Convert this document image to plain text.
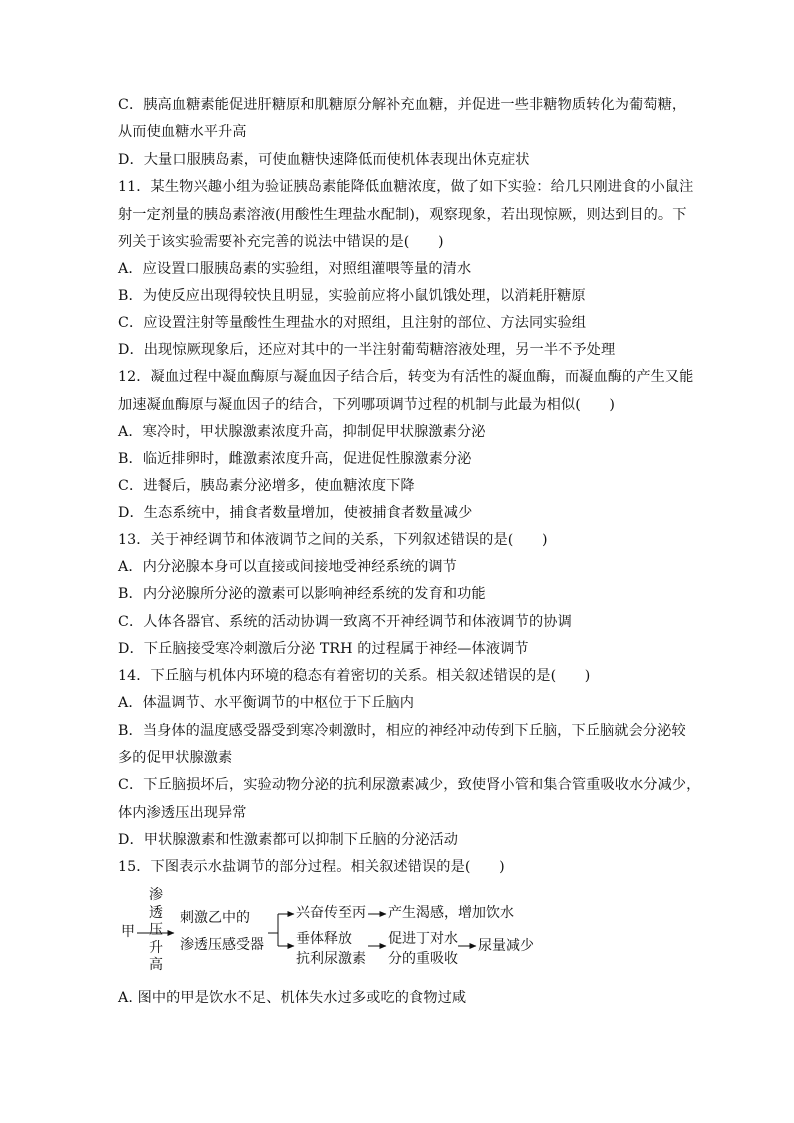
C．胰高血糖素能促进肝糖原和肌糖原分解补充血糖，并促进一些非糖物质转化为葡萄糖，
从而使血糖水平升高
D．大量口服胰岛素，可使血糖快速降低而使机体表现出休克症状
11．某生物兴趣小组为验证胰岛素能降低血糖浓度，做了如下实验：给几只刚进食的小鼠注
射一定剂量的胰岛素溶液(用酸性生理盐水配制)，观察现象，若出现惊厥，则达到目的。下
列关于该实验需要补充完善的说法中错误的是(　　)
A．应设置口服胰岛素的实验组，对照组灌喂等量的清水
B．为使反应出现得较快且明显，实验前应将小鼠饥饿处理，以消耗肝糖原
C．应设置注射等量酸性生理盐水的对照组，且注射的部位、方法同实验组
D．出现惊厥现象后，还应对其中的一半注射葡萄糖溶液处理，另一半不予处理
12．凝血过程中凝血酶原与凝血因子结合后，转变为有活性的凝血酶，而凝血酶的产生又能
加速凝血酶原与凝血因子的结合，下列哪项调节过程的机制与此最为相似(　　)
A．寒冷时，甲状腺激素浓度升高，抑制促甲状腺激素分泌
B．临近排卵时，雌激素浓度升高，促进促性腺激素分泌
C．进餐后，胰岛素分泌增多，使血糖浓度下降
D．生态系统中，捕食者数量增加，使被捕食者数量减少
13．关于神经调节和体液调节之间的关系，下列叙述错误的是(　　)
A．内分泌腺本身可以直接或间接地受神经系统的调节
B．内分泌腺所分泌的激素可以影响神经系统的发育和功能
C．人体各器官、系统的活动协调一致离不开神经调节和体液调节的协调
D．下丘脑接受寒冷刺激后分泌 TRH 的过程属于神经—体液调节
14．下丘脑与机体内环境的稳态有着密切的关系。相关叙述错误的是(　　)
A．体温调节、水平衡调节的中枢位于下丘脑内
B．当身体的温度感受器受到寒冷刺激时，相应的神经冲动传到下丘脑，下丘脑就会分泌较
多的促甲状腺激素
C．下丘脑损坏后，实验动物分泌的抗利尿激素减少，致使肾小管和集合管重吸收水分减少，
体内渗透压出现异常
D．甲状腺激素和性激素都可以抑制下丘脑的分泌活动
15．下图表示水盐调节的部分过程。相关叙述错误的是(　　)
甲
渗
透
压
升
高
刺激乙中的
渗透压感受器
兴奋传至丙 产生渴感，增加饮水
垂体释放
抗利尿激素
促进丁对水
分的重吸收
尿量减少
A. 图中的甲是饮水不足、机体失水过多或吃的食物过咸
